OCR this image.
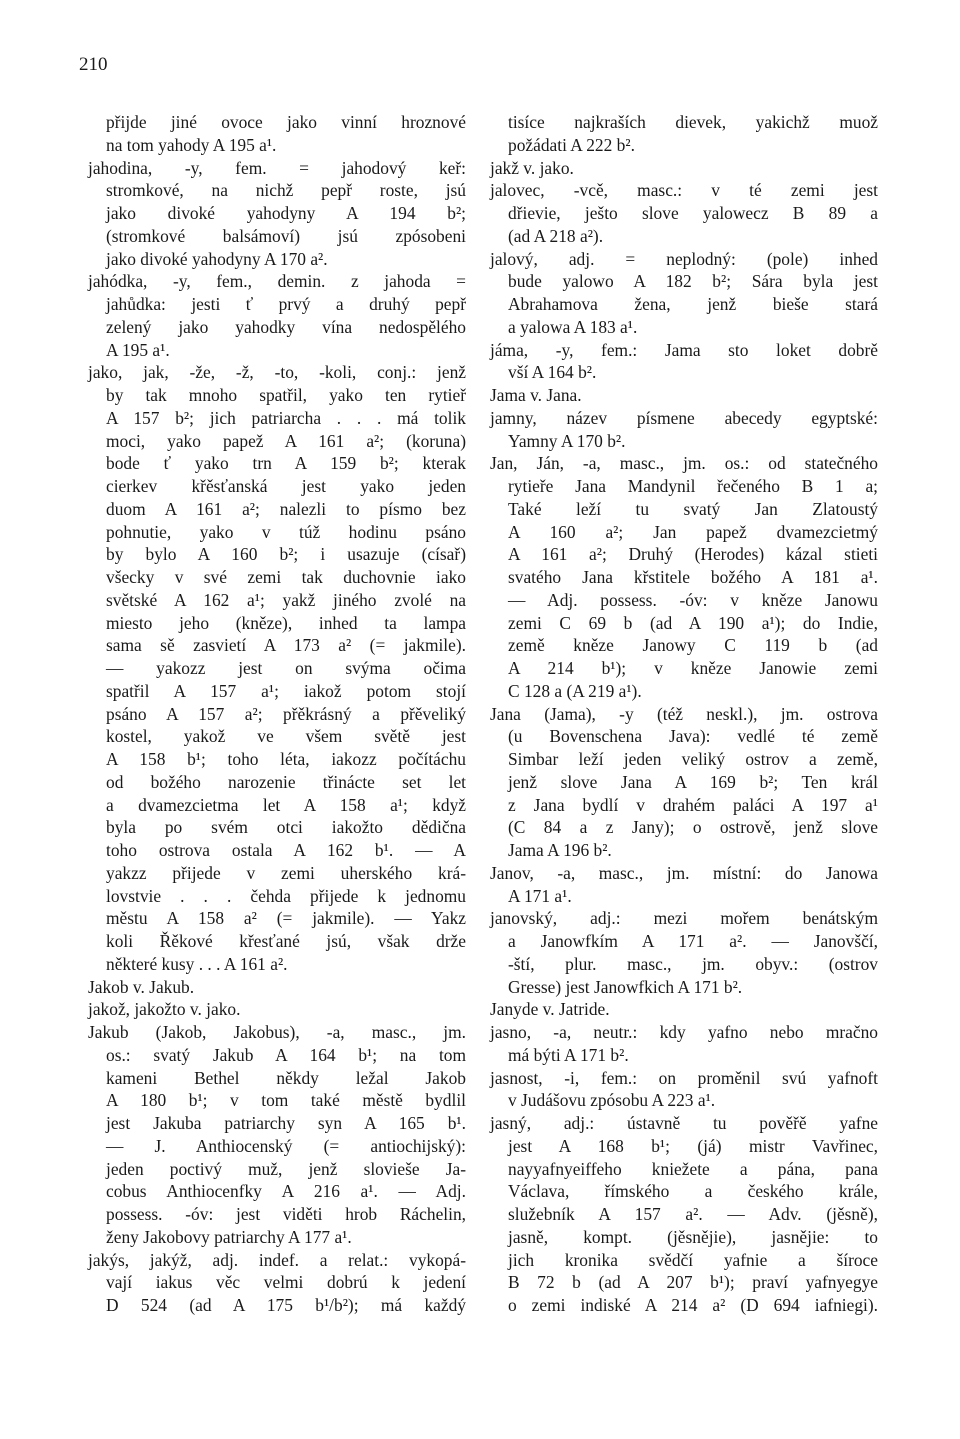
210
přijde jiné ovoce jako vinní hroznové
na tom yahody A 195 a¹.
jahodina, -y, fem. = jahodový keř:
stromkové, na nichž pepř roste, jsú
jako divoké yahodyny A 194 b²;
(stromkové balsámoví) jsú zpósobeni
jako divoké yahodyny A 170 a².
jahódka, -y, fem., demin. z jahoda =
jahůdka: jesti ť prvý a druhý pepř
zelený jako yahodky vína nedospělého
A 195 a¹.
jako, jak, -že, -ž, -to, -koli, conj.: jenž
by tak mnoho spatřil, yako ten rytieř
A 157 b²; jich patriarcha . . . má tolik
moci, yako papež A 161 a²; (koruna)
bode ť yako trn A 159 b²; kterak
cierkev křěsťanská jest yako jeden
duom A 161 a²; nalezli to písmo bez
pohnutie, yako v túž hodinu psáno
by bylo A 160 b²; i usazuje (císař)
všecky v své zemi tak duchovnie iako
světské A 162 a¹; yakž jiného zvolé na
miesto jeho (kněze), inhed ta lampa
sama sě zasvietí A 173 a² (= jakmile).
— yakozz jest on svýma očima
spatřil A 157 a¹; iakož potom stojí
psáno A 157 a²; přěkrásný a přěveliký
kostel, yakož ve všem světě jest
A 158 b¹; toho léta, iakozz počítáchu
od božého narozenie třinácte set let
a dvamezcietma let A 158 a¹; když
byla po svém otci iakožto dědična
toho ostrova ostala A 162 b¹. — A
yakzz přijede v zemi uherského krá-
lovstvie . . . čehda přijede k jednomu
městu A 158 a² (= jakmile). — Yakz
koli Řěkové křesťané jsú, však drže
některé kusy . . . A 161 a².
Jakob v. Jakub.
jakož, jakožto v. jako.
Jakub (Jakob, Jakobus), -a, masc., jm.
os.: svatý Jakub A 164 b¹; na tom
kameni Bethel někdy ležal Jakob
A 180 b¹; v tom také městě bydlil
jest Jakuba patriarchy syn A 165 b¹.
— J. Anthiocenský (= antiochijský):
jeden poctivý muž, jenž slovieše Ja-
cobus Anthiocenfky A 216 a¹. — Adj.
possess. -óv: jest viděti hrob Ráchelin,
ženy Jakobovy patriarchy A 177 a¹.
jakýs, jakýž, adj. indef. a relat.: vykopá-
vají iakus věc velmi dobrú k jedení
D 524 (ad A 175 b¹/b²); má každý
tisíce najkraších dievek, yakichž muož
požádati A 222 b².
jakž v. jako.
jalovec, -vcě, masc.: v té zemi jest
dřievie, ješto slove yalowecz B 89 a
(ad A 218 a²).
jalový, adj. = neplodný: (pole) inhed
bude yalowo A 182 b²; Sára byla jest
Abrahamova žena, jenž bieše stará
a yalowa A 183 a¹.
jáma, -y, fem.: Jama sto loket dobrě
vší A 164 b².
Jama v. Jana.
jamny, název písmene abecedy egyptské:
Yamny A 170 b².
Jan, Ján, -a, masc., jm. os.: od statečného
rytieře Jana Mandynil řečeného B 1 a;
Také leží tu svatý Jan Zlatoustý
A 160 a²; Jan papež dvamezcietmý
A 161 a²; Druhý (Herodes) kázal stieti
svatého Jana křstitele božého A 181 a¹.
— Adj. possess. -óv: v kněze Janowu
zemi C 69 b (ad A 190 a¹); do Indie,
země kněze Janowy C 119 b (ad
A 214 b¹); v kněze Janowie zemi
C 128 a (A 219 a¹).
Jana (Jama), -y (též neskl.), jm. ostrova
(u Bovenschena Java): vedlé té země
Simbar leží jeden veliký ostrov a země,
jenž slove Jana A 169 b²; Ten král
z Jana bydlí v drahém paláci A 197 a¹
(C 84 a z Jany); o ostrově, jenž slove
Jama A 196 b².
Janov, -a, masc., jm. místní: do Janowa
A 171 a¹.
janovský, adj.: mezi mořem benátským
a Janowfkím A 171 a². — Janovščí,
-ští, plur. masc., jm. obyv.: (ostrov
Gresse) jest Janowfkich A 171 b².
Janyde v. Jatride.
jasno, -a, neutr.: kdy yafno nebo mračno
má býti A 171 b².
jasnost, -i, fem.: on proměnil svú yafnoft
v Judášovu zpósobu A 223 a¹.
jasný, adj.: ústavně tu pověřě yafne
jest A 168 b¹; (já) mistr Vavřinec,
nayyafnyeiffeho kniežete a pána, pana
Václava, římského a českého krále,
služebník A 157 a². — Adv. (jěsně),
jasně, kompt. (jěsnějie), jasnějie: to
jich kronika svědčí yafnie a šíroce
B 72 b (ad A 207 b¹); praví yafnyegye
o zemi indiské A 214 a² (D 694 iafniegi).
